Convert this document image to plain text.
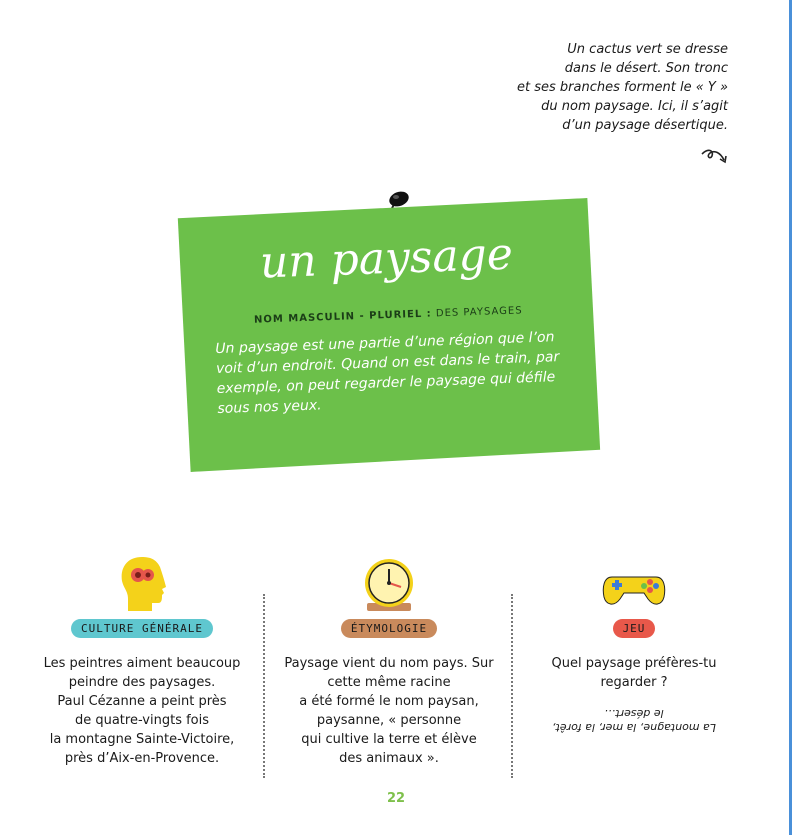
Un cactus vert se dresse
dans le désert. Son tronc
et ses branches forment le « Y »
du nom paysage. Ici, il s’agit
d’un paysage désertique.
un paysage
NOM MASCULIN - PLURIEL : DES PAYSAGES
Un paysage est une partie d’une région que l’on
voit d’un endroit. Quand on est dans le train, par
exemple, on peut regarder le paysage qui défile
sous nos yeux.
CULTURE GÉNÉRALE
Les peintres aiment beaucoup
peindre des paysages.
Paul Cézanne a peint près
de quatre-vingts fois
la montagne Sainte-Victoire,
près d’Aix-en-Provence.
ÉTYMOLOGIE
Paysage vient du nom pays. Sur
cette même racine
a été formé le nom paysan,
paysanne, « personne
qui cultive la terre et élève
des animaux ».
JEU
Quel paysage préfères-tu
regarder ?
La montagne, la mer, la forêt,
le désert…
22
